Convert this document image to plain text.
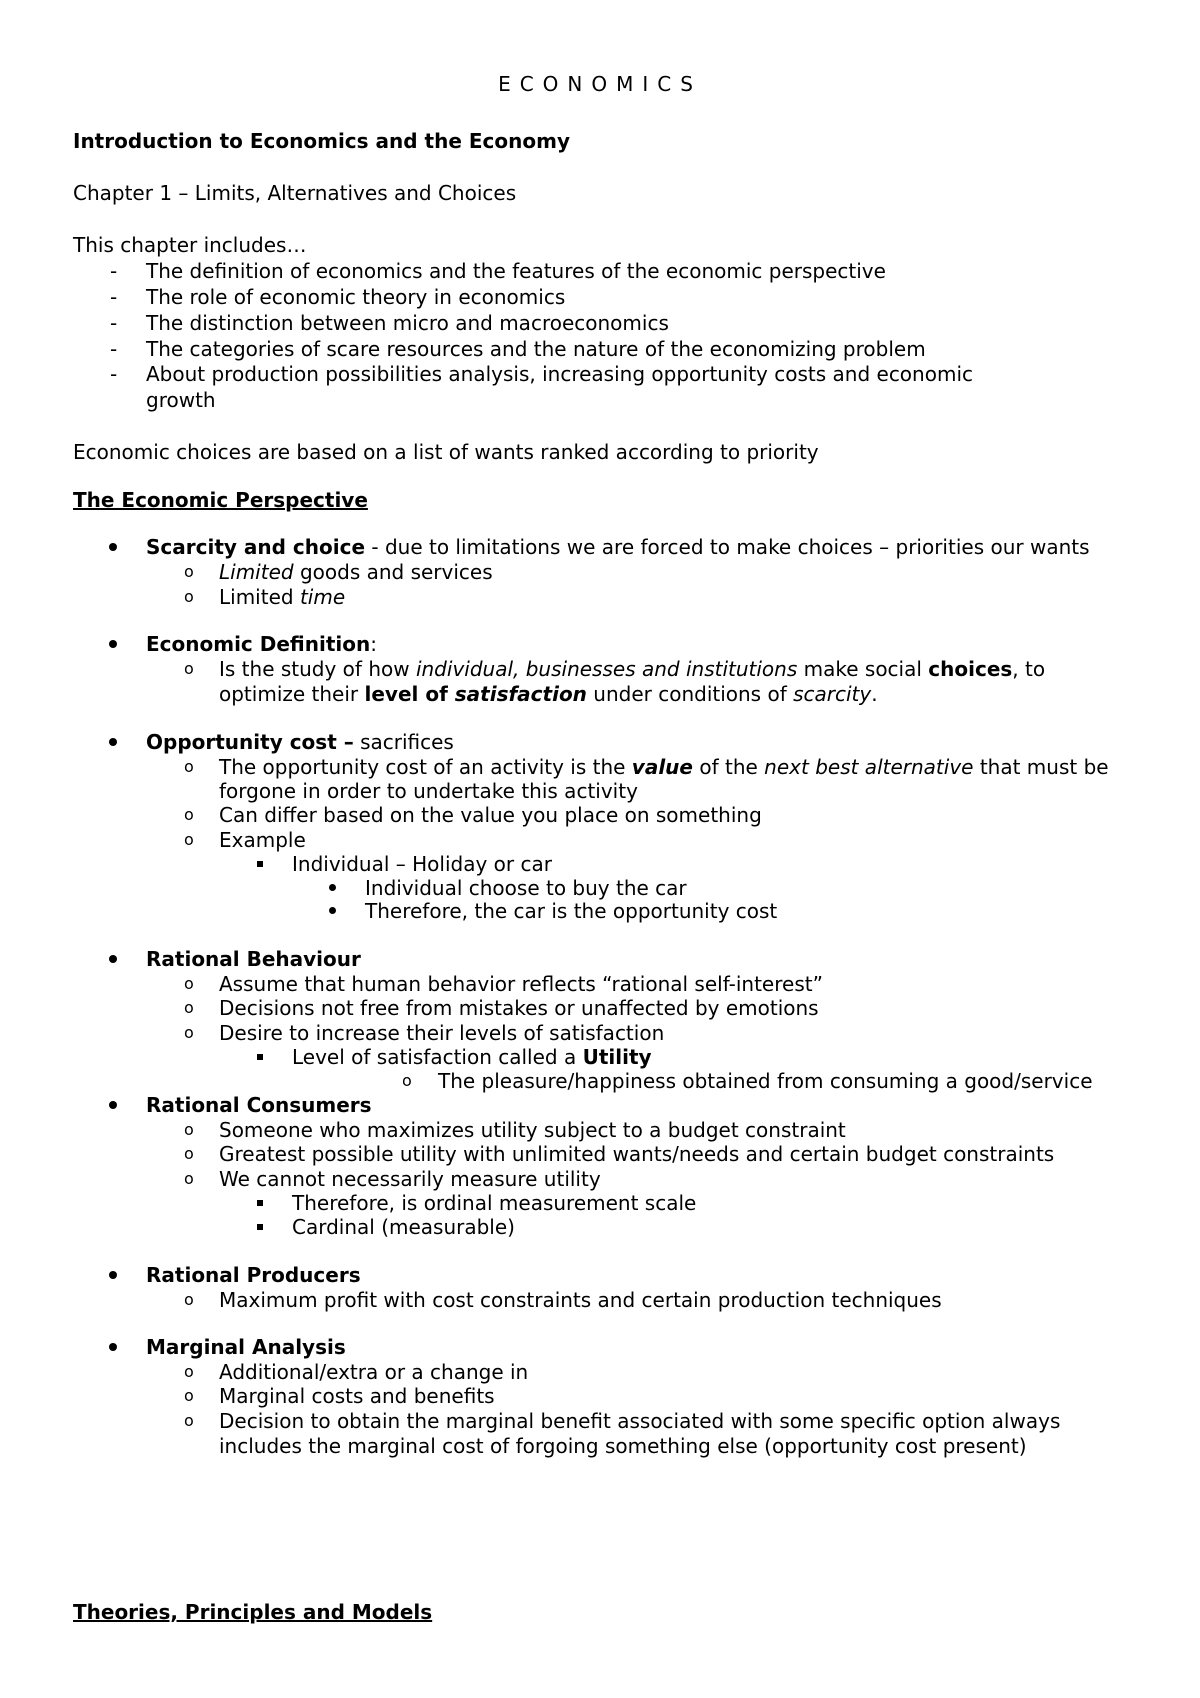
ECONOMICS

Introduction to Economics and the Economy

Chapter 1 – Limits, Alternatives and Choices

This chapter includes…

- The definition of economics and the features of the economic perspective

- The role of economic theory in economics

- The distinction between micro and macroeconomics

- The categories of scare resources and the nature of the economizing problem

- About production possibilities analysis, increasing opportunity costs and economic

growth

Economic choices are based on a list of wants ranked according to priority

The Economic Perspective

Scarcity and choice - due to limitations we are forced to make choices – priorities our wants

o Limited goods and services

o Limited time

Economic Definition:

o Is the study of how individual, businesses and institutions make social choices, to

optimize their level of satisfaction under conditions of scarcity.

Opportunity cost – sacrifices

o The opportunity cost of an activity is the value of the next best alternative that must be

forgone in order to undertake this activity

o Can differ based on the value you place on something

o Example

Individual – Holiday or car

Individual choose to buy the car

Therefore, the car is the opportunity cost

Rational Behaviour

o Assume that human behavior reflects “rational self-interest”

o Decisions not free from mistakes or unaffected by emotions

o Desire to increase their levels of satisfaction

Level of satisfaction called a Utility

o The pleasure/happiness obtained from consuming a good/service

Rational Consumers

o Someone who maximizes utility subject to a budget constraint

o Greatest possible utility with unlimited wants/needs and certain budget constraints

o We cannot necessarily measure utility

Therefore, is ordinal measurement scale

Cardinal (measurable)

Rational Producers

o Maximum profit with cost constraints and certain production techniques

Marginal Analysis

o Additional/extra or a change in

o Marginal costs and benefits

o Decision to obtain the marginal benefit associated with some specific option always

includes the marginal cost of forgoing something else (opportunity cost present)

Theories, Principles and Models
